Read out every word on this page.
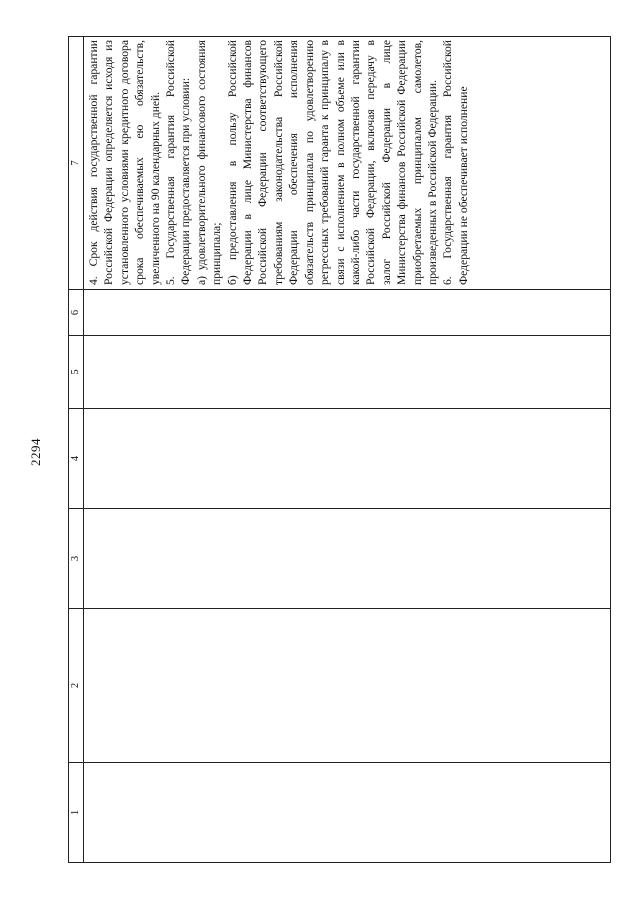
2294
1	2	3	4	5	6	7

						4. Срок действия государственной гарантии Российской Федерации определяется исходя из установленного условиями кредитного договора срока обеспечиваемых ею обязательств, увеличенного на 90 календарных дней. 5. Государственная гарантия Российской Федерации предоставляется при условии: а) удовлетворительного финансового состояния принципала; б) предоставления в пользу Российской Федерации в лице Министерства финансов Российской Федерации соответствующего требованиям законодательства Российской Федерации обеспечения исполнения обязательств принципала по удовлетворению регрессных требований гаранта к принципалу в связи с исполнением в полном объеме или в какой-либо части государственной гарантии Российской Федерации, включая передачу в залог Российской Федерации в лице Министерства финансов Российской Федерации приобретаемых принципалом самолетов, произведенных в Российской Федерации. 6. Государственная гарантия Российской Федерации не обеспечивает исполнение
